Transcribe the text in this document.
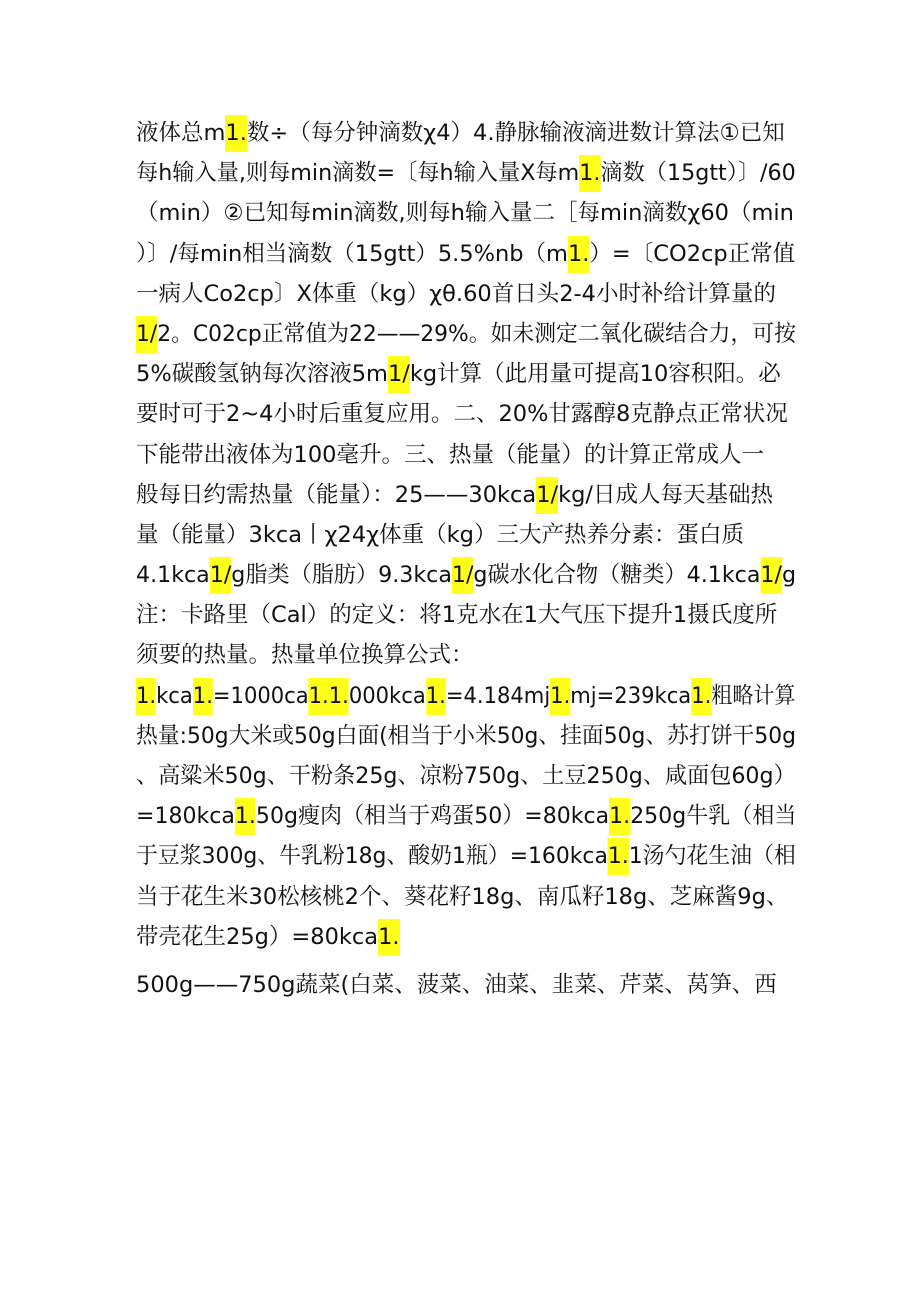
液体总m1.数÷（每分钟滴数χ4）4.静脉输液滴进数计算法①已知
每h输入量,则每min滴数=〔每h输入量X每m1.滴数（15gtt）〕/60
（min）②已知每min滴数,则每h输入量二［每min滴数χ60（min
）〕/每min相当滴数（15gtt）5.5%nb（m1.）=〔CO2cp正常值
一病人Co2cp〕X体重（kg）χθ.60首日头2-4小时补给计算量的
1/2。C02cp正常值为22——29%。如未测定二氧化碳结合力，可按
5%碳酸氢钠每次溶液5m1/kg计算（此用量可提高10容积阳。必
要时可于2~4小时后重复应用。二、20%甘露醇8克静点正常状况
下能带出液体为100毫升。三、热量（能量）的计算正常成人一
般每日约需热量（能量）：25——30kca1/kg/日成人每天基础热
量（能量）3kca丨χ24χ体重（kg）三大产热养分素：蛋白质
4.1kca1/g脂类（脂肪）9.3kca1/g碳水化合物（糖类）4.1kca1/g
注：卡路里（Cal）的定义：将1克水在1大气压下提升1摄氏度所
须要的热量。热量单位换算公式：
1.kca1.=1000ca1.1.000kca1.=4.184mj1.mj=239kca1.粗略计算
热量:50g大米或50g白面(相当于小米50g、挂面50g、苏打饼干50g
、高粱米50g、干粉条25g、凉粉750g、土豆250g、咸面包60g）
=180kca1.50g瘦肉（相当于鸡蛋50）=80kca1.250g牛乳（相当
于豆浆300g、牛乳粉18g、酸奶1瓶）=160kca1.1汤勺花生油（相
当于花生米30松核桃2个、葵花籽18g、南瓜籽18g、芝麻酱9g、
带壳花生25g）=80kca1.
500g——750g蔬菜(白菜、菠菜、油菜、韭菜、芹菜、莴笋、西
